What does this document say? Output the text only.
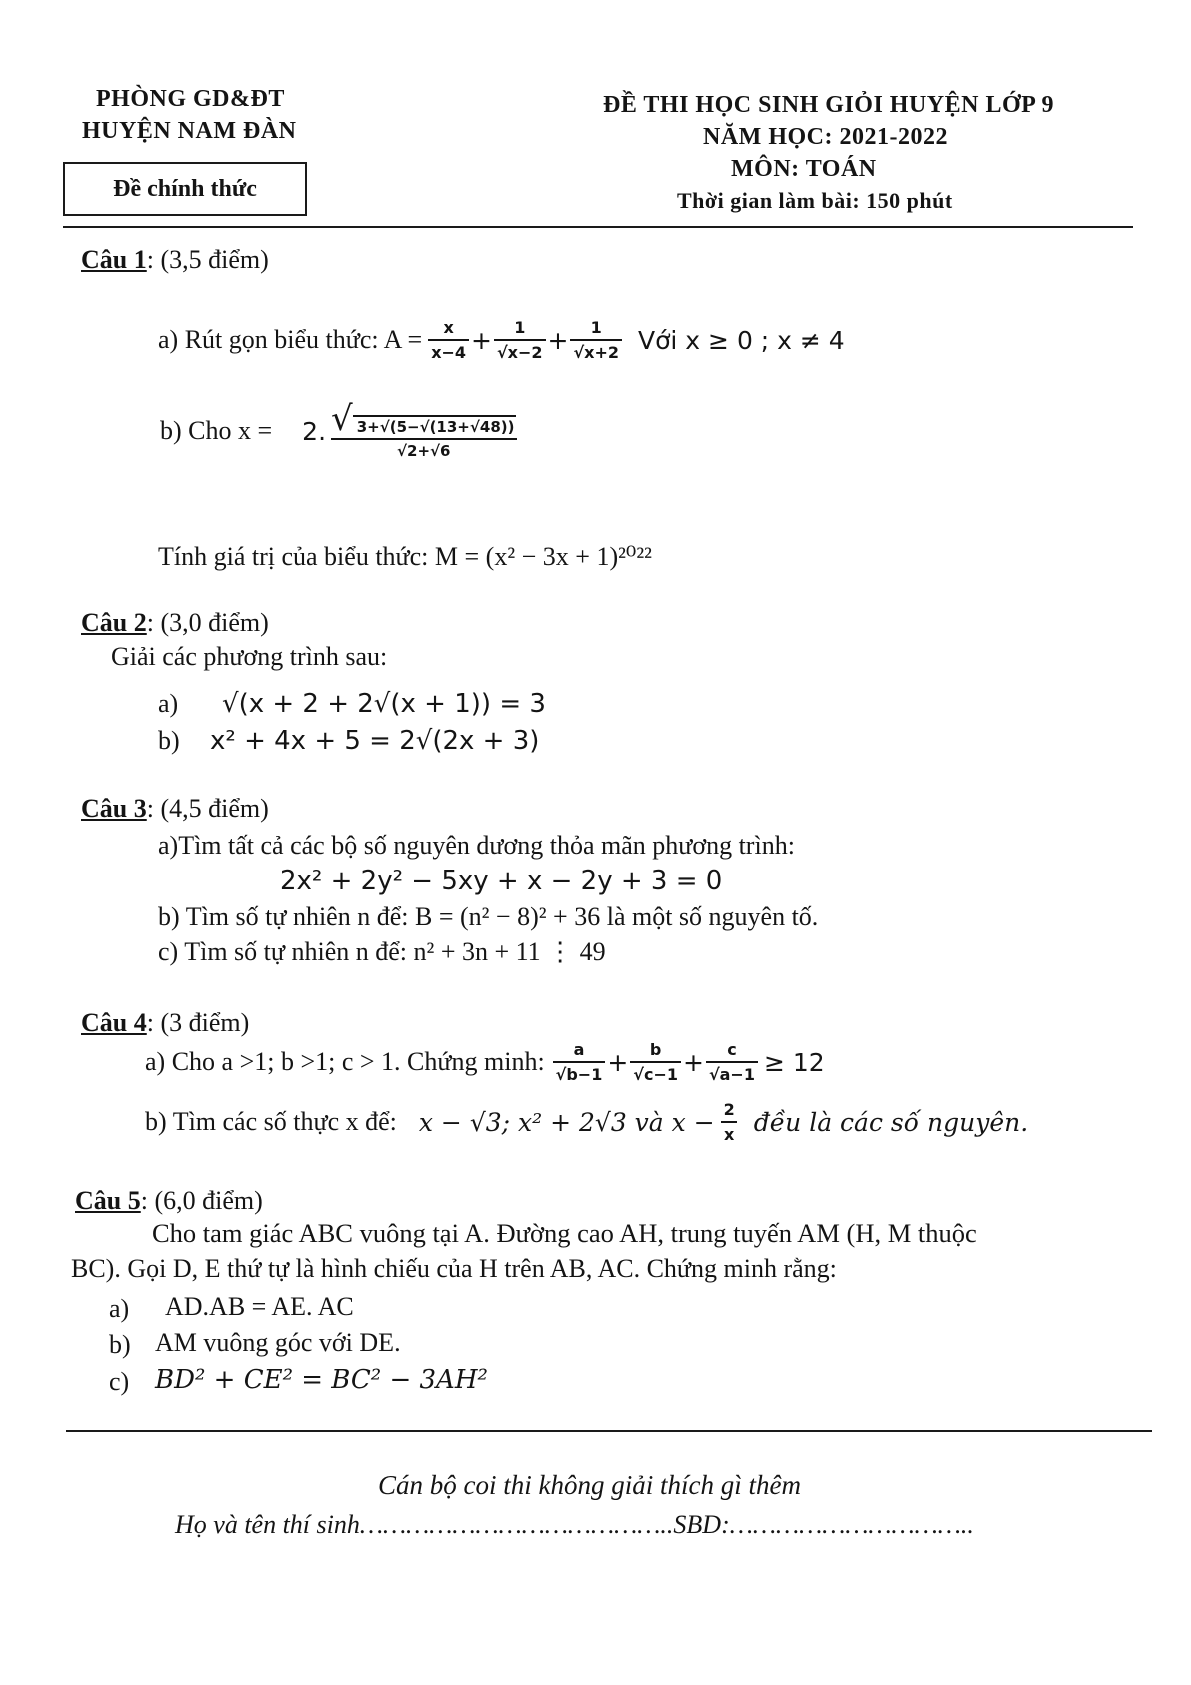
PHÒNG GD&ĐT
HUYỆN NAM ĐÀN
Đề chính thức
ĐỀ THI HỌC SINH GIỎI HUYỆN LỚP 9
NĂM HỌC: 2021-2022
MÔN: TOÁN
Thời gian làm bài: 150 phút
Câu 1: (3,5 điểm)
a) Rút gọn biểu thức: $A = \frac{x}{x-4} + \frac{1}{√x-2} + \frac{1}{√x+2}$ Với x ≥ 0 ; x ≠ 4
b) Cho x = 2. $\frac{√ 3+√(5-√(13+√48))}{√2+√6}$
Tính giá trị của biểu thức: M = (x² − 3x + 1)²⁰²²
Câu 2: (3,0 điểm)
Giải các phương trình sau:
a) √(x + 2 + 2√(x + 1)) = 3
b) x² + 4x + 5 = 2√(2x + 3)
Câu 3: (4,5 điểm)
a)Tìm tất cả các bộ số nguyên dương thỏa mãn phương trình:
2x² + 2y² − 5xy + x − 2y + 3 = 0
b) Tìm số tự nhiên n để: B = (n² − 8)² + 36 là một số nguyên tố.
c) Tìm số tự nhiên n để: n² + 3n + 11 ⋮ 49
Câu 4: (3 điểm)
a) Cho a >1; b >1; c > 1. Chứng minh: $\frac{a}{√b-1} + \frac{b}{√c-1} + \frac{c}{√a-1} \ge 12$
b) Tìm các số thực x để: x − √3; x² + 2√3 và $x - \frac{2}{x}$ đều là các số nguyên.
Câu 5: (6,0 điểm)
Cho tam giác ABC vuông tại A. Đường cao AH, trung tuyến AM (H, M thuộc
BC). Gọi D, E thứ tự là hình chiếu của H trên AB, AC. Chứng minh rằng:
a) AD.AB = AE. AC
b) AM vuông góc với DE.
c) BD² + CE² = BC² − 3AH²
Cán bộ coi thi không giải thích gì thêm
Họ và tên thí sinh…………………………………..SBD:…………………………..
